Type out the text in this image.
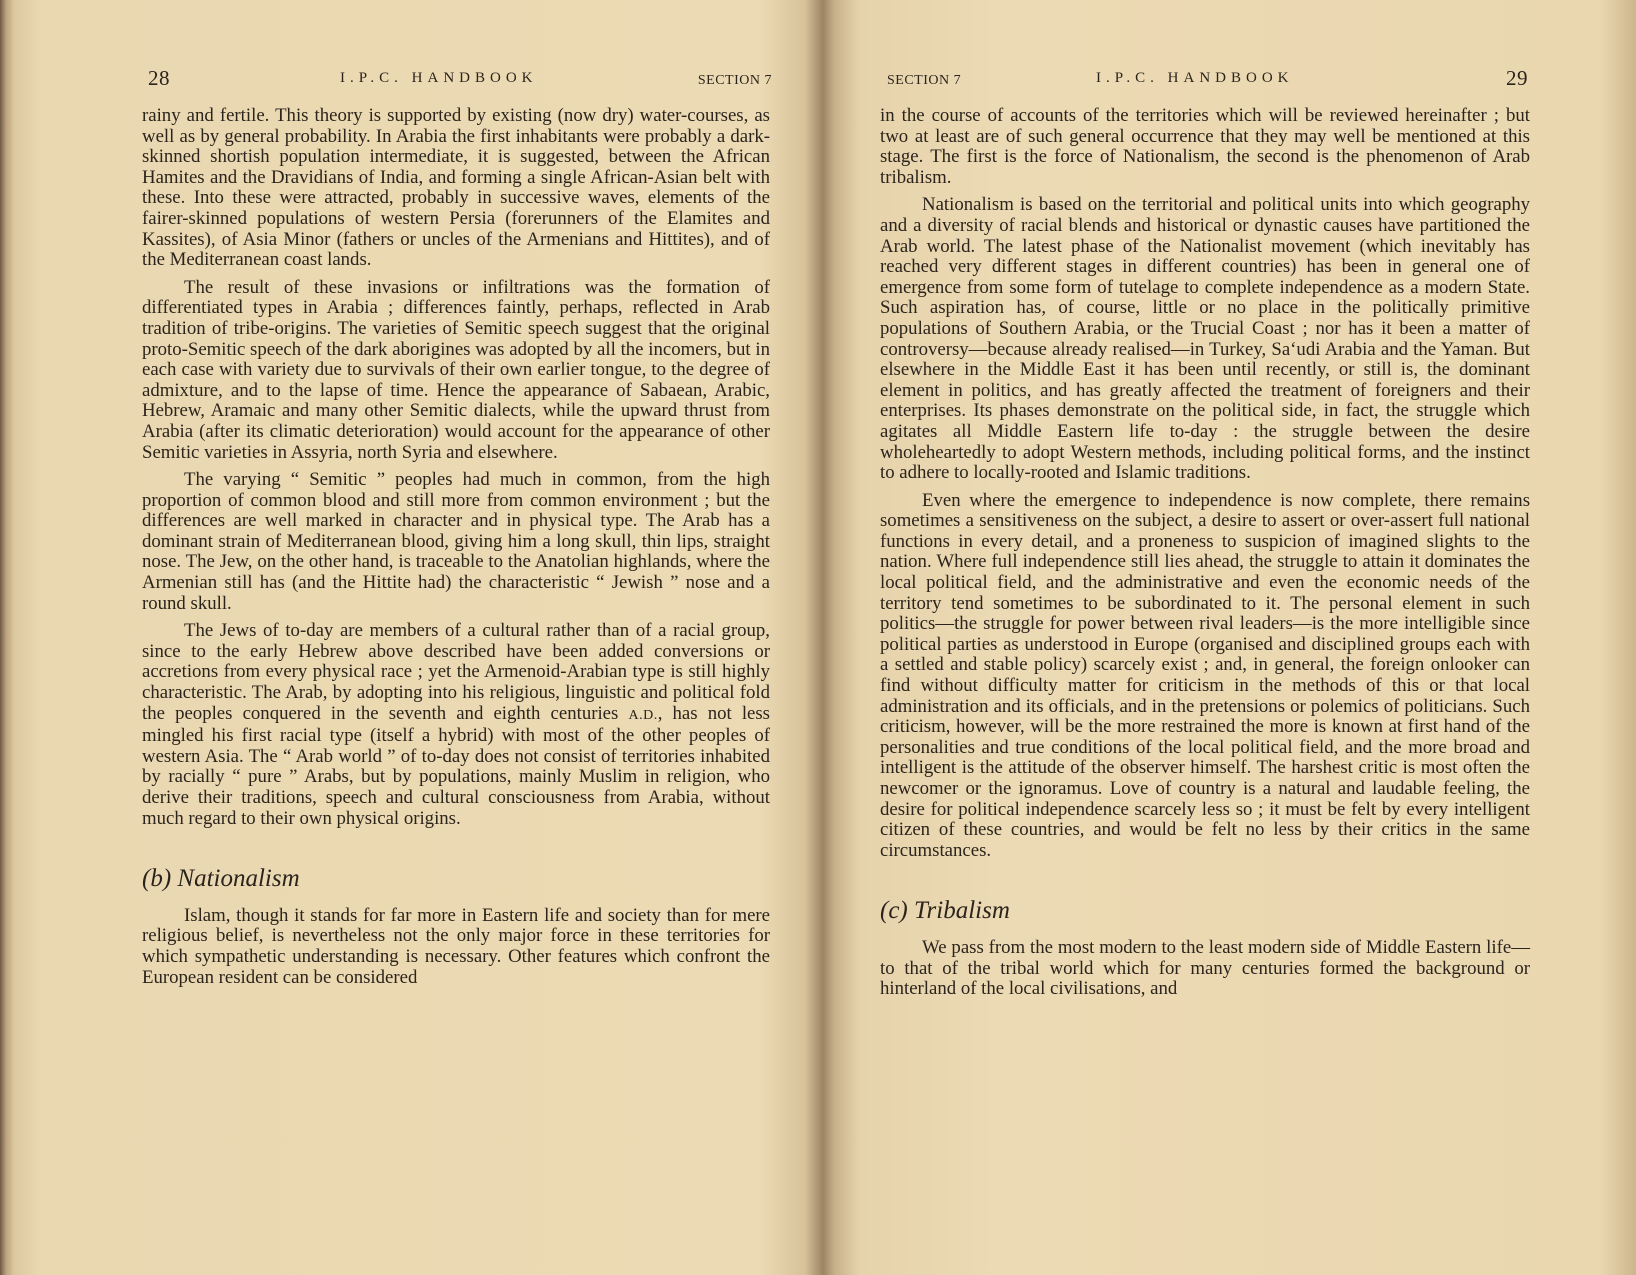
28	I.P.C. HANDBOOK	SECTION 7

rainy and fertile. This theory is supported by existing (now dry) water-courses, as well as by general probability. In Arabia the first inhabitants were probably a dark-skinned shortish population intermediate, it is suggested, between the African Hamites and the Dravidians of India, and forming a single African-Asian belt with these. Into these were attracted, probably in successive waves, elements of the fairer-skinned populations of western Persia (forerunners of the Elamites and Kassites), of Asia Minor (fathers or uncles of the Armenians and Hittites), and of the Mediterranean coast lands.

The result of these invasions or infiltrations was the formation of differentiated types in Arabia ; differences faintly, perhaps, reflected in Arab tradition of tribe-origins. The varieties of Semitic speech suggest that the original proto-Semitic speech of the dark aborigines was adopted by all the incomers, but in each case with variety due to survivals of their own earlier tongue, to the degree of admixture, and to the lapse of time. Hence the appearance of Sabaean, Arabic, Hebrew, Aramaic and many other Semitic dialects, while the upward thrust from Arabia (after its climatic deterioration) would account for the appearance of other Semitic varieties in Assyria, north Syria and elsewhere.

The varying “ Semitic ” peoples had much in common, from the high proportion of common blood and still more from common environment ; but the differences are well marked in character and in physical type. The Arab has a dominant strain of Mediterranean blood, giving him a long skull, thin lips, straight nose. The Jew, on the other hand, is traceable to the Anatolian highlands, where the Armenian still has (and the Hittite had) the characteristic “ Jewish ” nose and a round skull.

The Jews of to-day are members of a cultural rather than of a racial group, since to the early Hebrew above described have been added conversions or accretions from every physical race ; yet the Armenoid-Arabian type is still highly characteristic. The Arab, by adopting into his religious, linguistic and political fold the peoples conquered in the seventh and eighth centuries A.D., has not less mingled his first racial type (itself a hybrid) with most of the other peoples of western Asia. The “ Arab world ” of to-day does not consist of territories inhabited by racially “ pure ” Arabs, but by populations, mainly Muslim in religion, who derive their traditions, speech and cultural consciousness from Arabia, without much regard to their own physical origins.

(b) Nationalism

Islam, though it stands for far more in Eastern life and society than for mere religious belief, is nevertheless not the only major force in these territories for which sympathetic understanding is necessary. Other features which confront the European resident can be considered

SECTION 7	I.P.C. HANDBOOK	29

in the course of accounts of the territories which will be reviewed hereinafter ; but two at least are of such general occurrence that they may well be mentioned at this stage. The first is the force of Nationalism, the second is the phenomenon of Arab tribalism.

Nationalism is based on the territorial and political units into which geography and a diversity of racial blends and historical or dynastic causes have partitioned the Arab world. The latest phase of the Nationalist movement (which inevitably has reached very different stages in different countries) has been in general one of emergence from some form of tutelage to complete independence as a modern State. Such aspiration has, of course, little or no place in the politically primitive populations of Southern Arabia, or the Trucial Coast ; nor has it been a matter of controversy—because already realised—in Turkey, Sa‘udi Arabia and the Yaman. But elsewhere in the Middle East it has been until recently, or still is, the dominant element in politics, and has greatly affected the treatment of foreigners and their enterprises. Its phases demonstrate on the political side, in fact, the struggle which agitates all Middle Eastern life to-day : the struggle between the desire wholeheartedly to adopt Western methods, including political forms, and the instinct to adhere to locally-rooted and Islamic traditions.

Even where the emergence to independence is now complete, there remains sometimes a sensitiveness on the subject, a desire to assert or over-assert full national functions in every detail, and a proneness to suspicion of imagined slights to the nation. Where full independence still lies ahead, the struggle to attain it dominates the local political field, and the administrative and even the economic needs of the territory tend sometimes to be subordinated to it. The personal element in such politics—the struggle for power between rival leaders—is the more intelligible since political parties as understood in Europe (organised and disciplined groups each with a settled and stable policy) scarcely exist ; and, in general, the foreign onlooker can find without difficulty matter for criticism in the methods of this or that local administration and its officials, and in the pretensions or polemics of politicians. Such criticism, however, will be the more restrained the more is known at first hand of the personalities and true conditions of the local political field, and the more broad and intelligent is the attitude of the observer himself. The harshest critic is most often the newcomer or the ignoramus. Love of country is a natural and laudable feeling, the desire for political independence scarcely less so ; it must be felt by every intelligent citizen of these countries, and would be felt no less by their critics in the same circumstances.

(c) Tribalism

We pass from the most modern to the least modern side of Middle Eastern life—to that of the tribal world which for many centuries formed the background or hinterland of the local civilisations, and
